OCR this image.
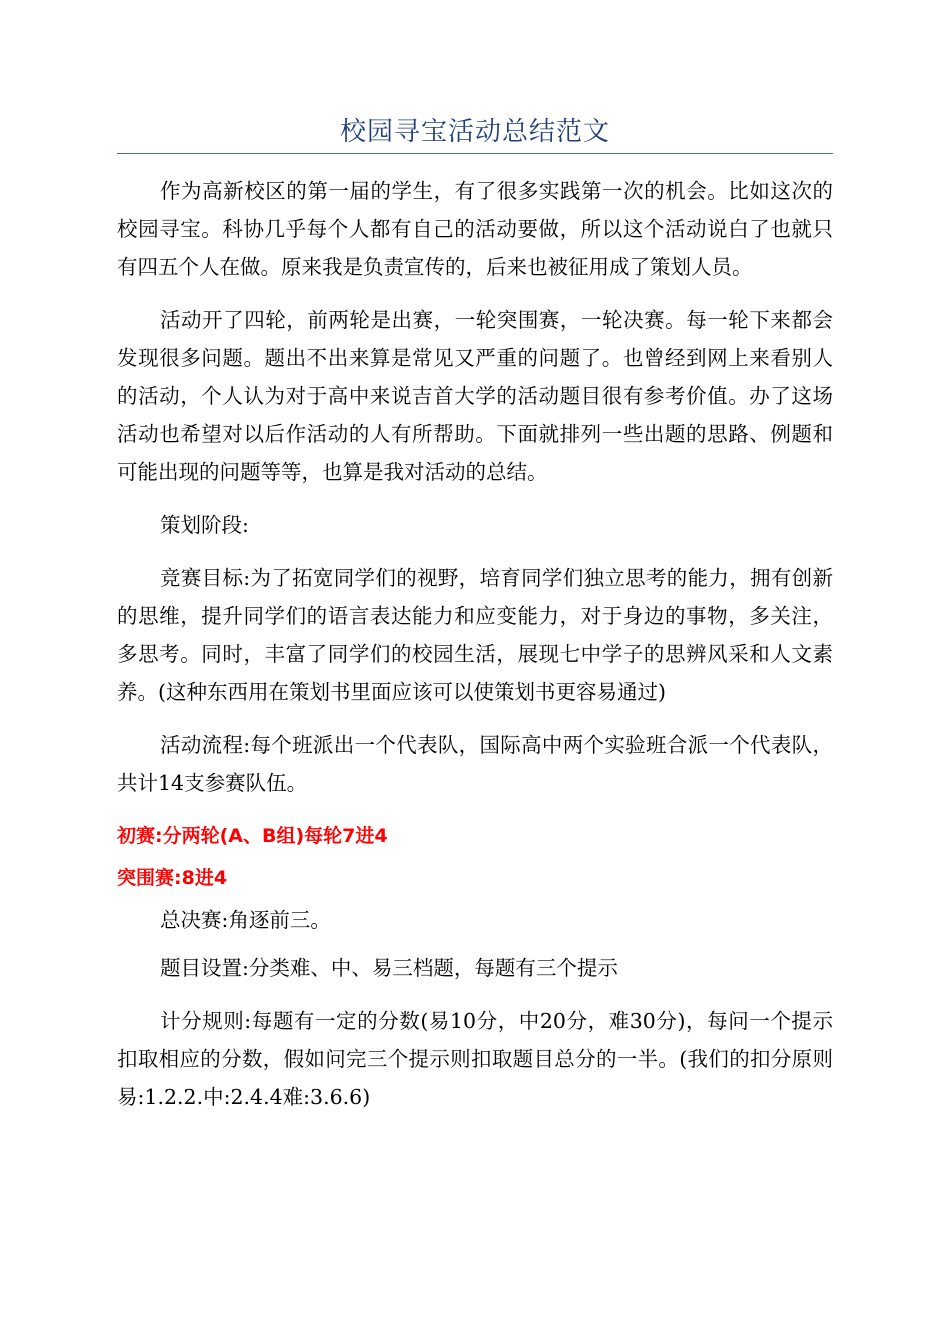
校园寻宝活动总结范文

作为高新校区的第一届的学生，有了很多实践第一次的机会。比如这次的校园寻宝。科协几乎每个人都有自己的活动要做，所以这个活动说白了也就只有四五个人在做。原来我是负责宣传的，后来也被征用成了策划人员。

活动开了四轮，前两轮是出赛，一轮突围赛，一轮决赛。每一轮下来都会发现很多问题。题出不出来算是常见又严重的问题了。也曾经到网上来看别人的活动，个人认为对于高中来说吉首大学的活动题目很有参考价值。办了这场活动也希望对以后作活动的人有所帮助。下面就排列一些出题的思路、例题和可能出现的问题等等，也算是我对活动的总结。

策划阶段:

竞赛目标:为了拓宽同学们的视野，培育同学们独立思考的能力，拥有创新的思维，提升同学们的语言表达能力和应变能力，对于身边的事物，多关注，多思考。同时，丰富了同学们的校园生活，展现七中学子的思辨风采和人文素养。(这种东西用在策划书里面应该可以使策划书更容易通过)

活动流程:每个班派出一个代表队，国际高中两个实验班合派一个代表队，共计14支参赛队伍。

初赛:分两轮(A、B组)每轮7进4

突围赛:8进4

总决赛:角逐前三。

题目设置:分类难、中、易三档题，每题有三个提示

计分规则:每题有一定的分数(易10分，中20分，难30分)，每问一个提示扣取相应的分数，假如问完三个提示则扣取题目总分的一半。(我们的扣分原则易:1.2.2.中:2.4.4难:3.6.6)
